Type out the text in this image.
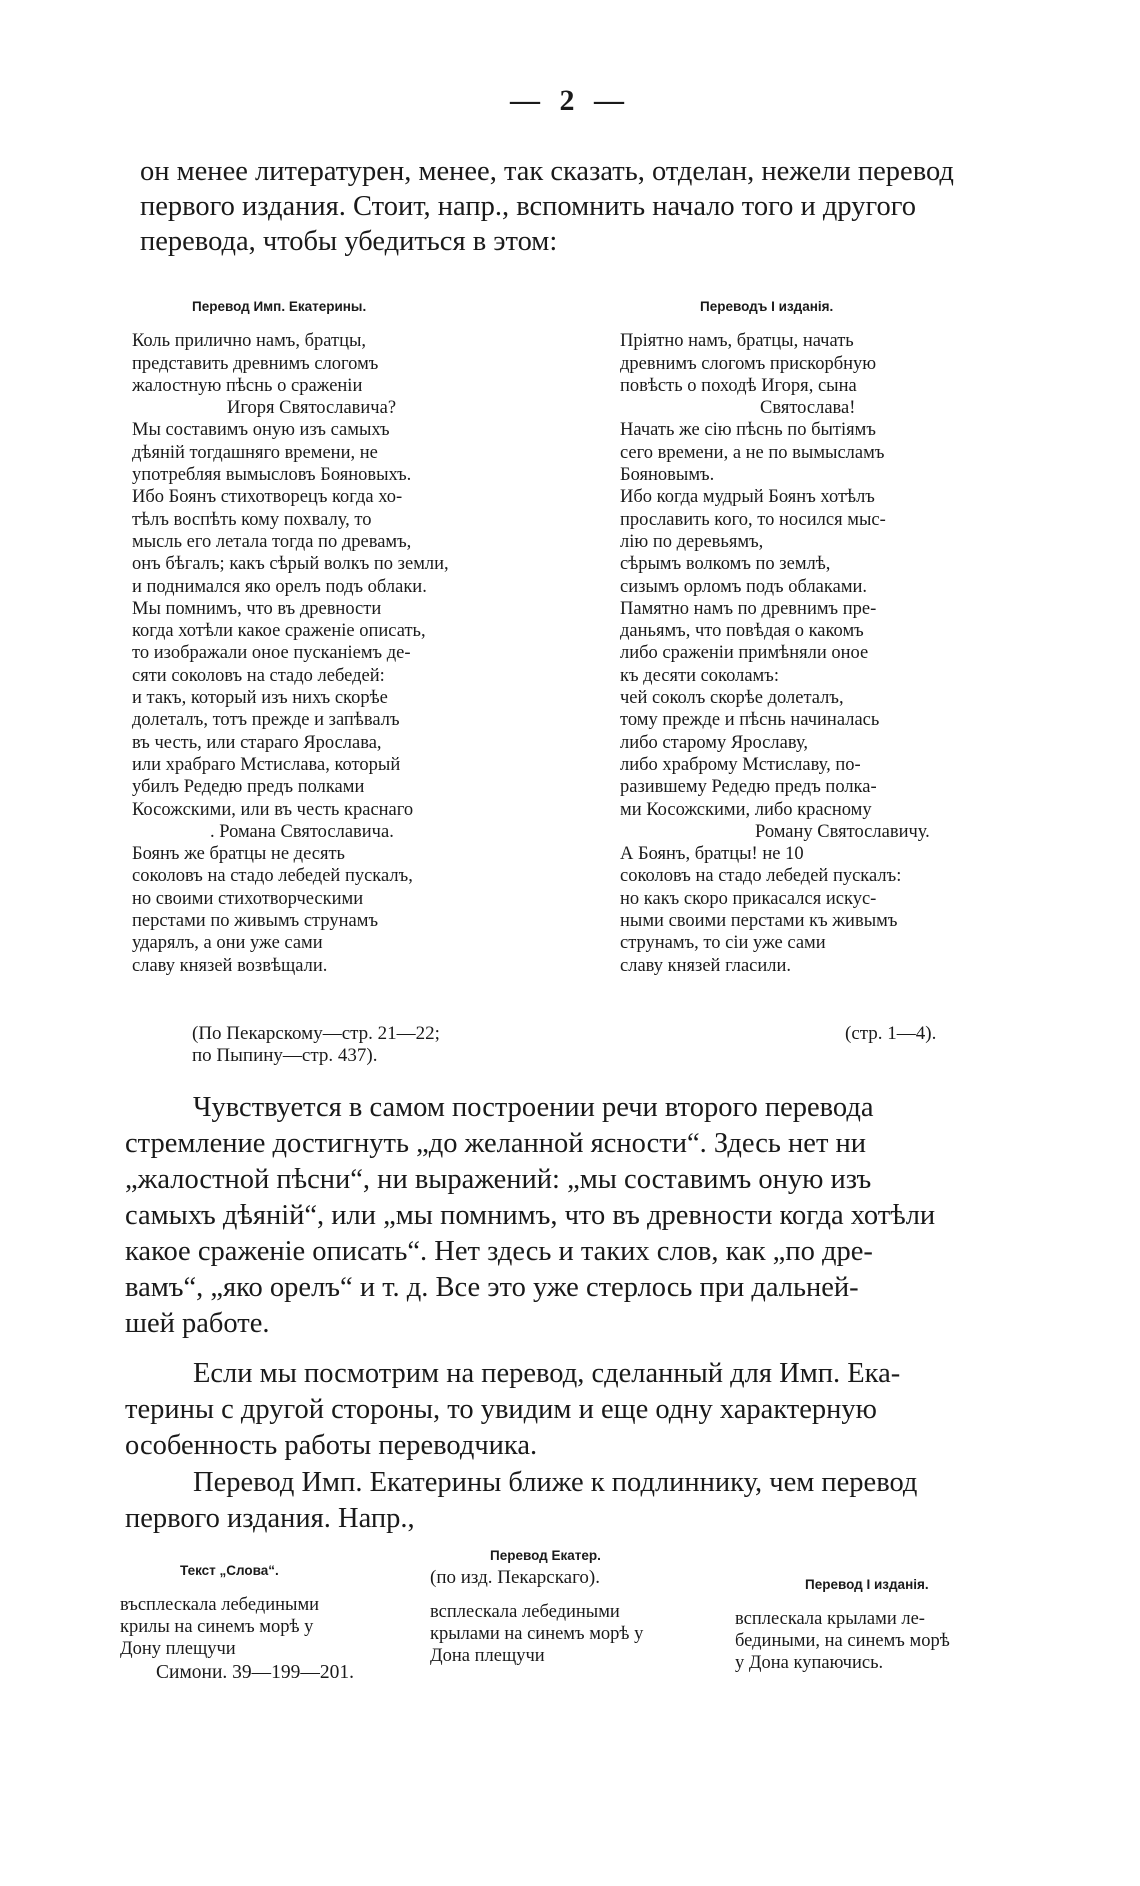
— 2 —
он менее литературен, менее, так сказать, отделан, нежели перевод
первого издания. Стоит, напр., вспомнить начало того и другого
перевода, чтобы убедиться в этом:
Перевод Имп. Екатерины.
Коль прилично намъ, братцы,
представить древнимъ слогомъ
жалостную пѣснь о сраженіи
Игоря Святославича?
Мы составимъ оную изъ самыхъ
дѣяній тогдашняго времени, не
употребляя вымысловъ Бояновыхъ.
Ибо Боянъ стихотворецъ когда хо-
тѣлъ воспѣть кому похвалу, то
мысль его летала тогда по древамъ,
онъ бѣгалъ; какъ сѣрый волкъ по земли,
и поднимался яко орелъ подъ облаки.
Мы помнимъ, что въ древности
когда хотѣли какое сраженіе описать,
то изображали оное пусканіемъ де-
сяти соколовъ на стадо лебедей:
и такъ, который изъ нихъ скорѣе
долеталъ, тотъ прежде и запѣвалъ
въ честь, или стараго Ярослава,
или храбраго Мстислава, который
убилъ Редедю предъ полками
Косожскими, или въ честь краснаго
. Романа Святославича.
Боянъ же братцы не десять
соколовъ на стадо лебедей пускалъ,
но своими стихотворческими
перстами по живымъ струнамъ
ударялъ, а они уже сами
славу князей возвѣщали.
(По Пекарскому—стр. 21—22;
по Пыпину—стр. 437).
Переводъ I изданія.
Пріятно намъ, братцы, начать
древнимъ слогомъ прискорбную
повѣсть о походѣ Игоря, сына
Святослава!
Начать же сію пѣснь по бытіямъ
сего времени, а не по вымысламъ
Бояновымъ.
Ибо когда мудрый Боянъ хотѣлъ
прославить кого, то носился мыс-
лію по деревьямъ,
сѣрымъ волкомъ по землѣ,
сизымъ орломъ подъ облаками.
Памятно намъ по древнимъ пре-
даньямъ, что повѣдая о какомъ
либо сраженіи примѣняли оное
къ десяти соколамъ:
чей соколъ скорѣе долеталъ,
тому прежде и пѣснь начиналась
либо старому Ярославу,
либо храброму Мстиславу, по-
разившему Редедю предъ полка-
ми Косожскими, либо красному
Роману Святославичу.
А Боянъ, братцы! не 10
соколовъ на стадо лебедей пускалъ:
но какъ скоро прикасался искус-
ными своими перстами къ живымъ
струнамъ, то сіи уже сами
славу князей гласили.
(стр. 1—4).
Чувствуется в самом построении речи второго перевода
стремление достигнуть „до желанной ясности“. Здесь нет ни
„жалостной пѣсни“, ни выражений: „мы составимъ оную изъ
самыхъ дѣяній“, или „мы помнимъ, что въ древности когда хотѣли
какое сраженіе описать“. Нет здесь и таких слов, как „по дре-
вамъ“, „яко орелъ“ и т. д. Все это уже стерлось при дальней-
шей работе.
Если мы посмотрим на перевод, сделанный для Имп. Ека-
терины с другой стороны, то увидим и еще одну характерную
особенность работы переводчика.
Перевод Имп. Екатерины ближе к подлиннику, чем перевод
первого издания. Напр.,
Текст „Слова“.
въсплескала лебедиными
крилы на синемъ морѣ у
Дону плещучи
Симони. 39—199—201.
Перевод Екатер.
(по изд. Пекарскаго).
всплескала лебедиными
крылами на синемъ морѣ у
Дона плещучи
Перевод I изданія.
всплескала крылами ле-
бедиными, на синемъ морѣ
у Дона купаючись.
